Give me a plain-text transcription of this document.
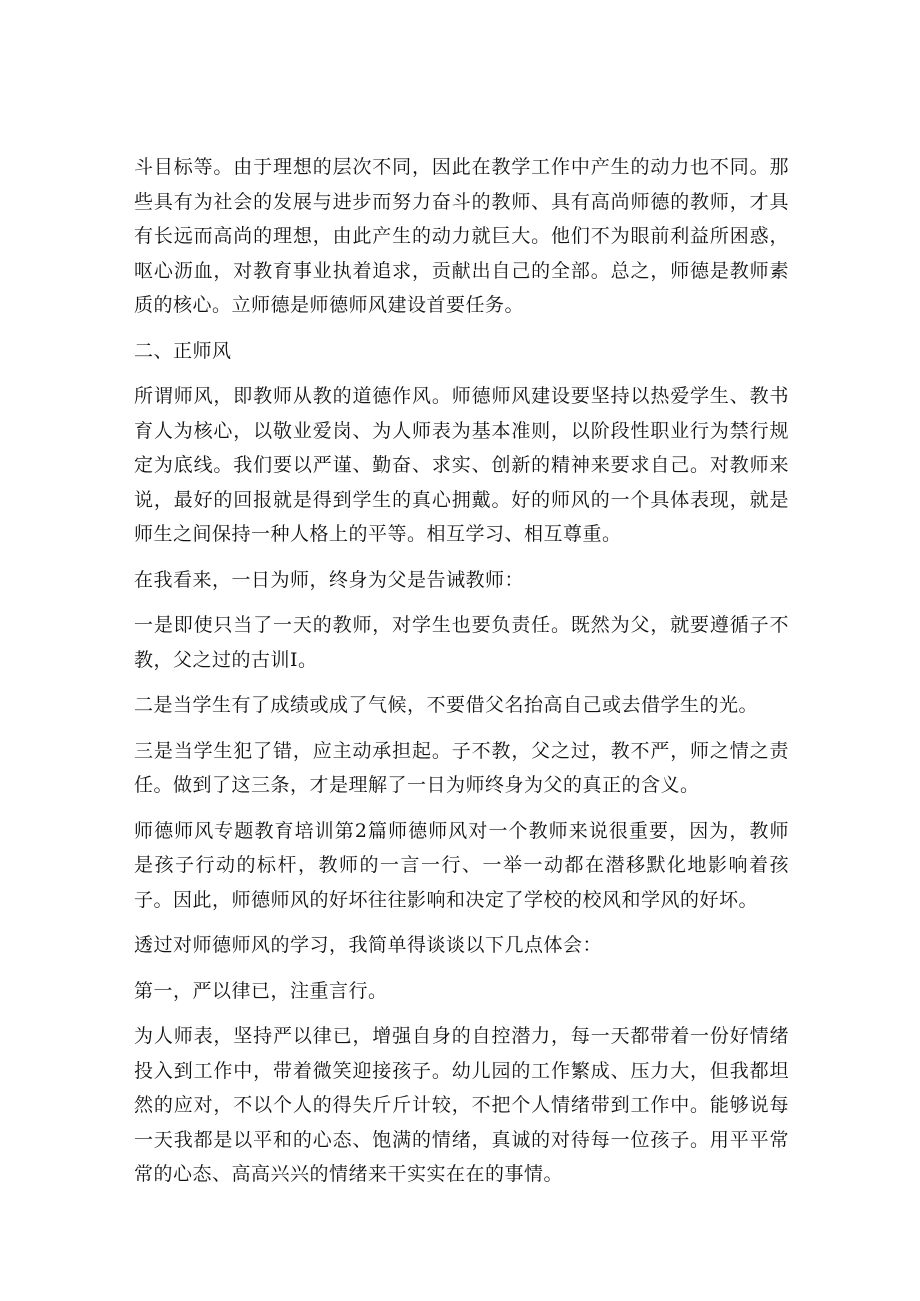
斗目标等。由于理想的层次不同，因此在教学工作中产生的动力也不同。那些具有为社会的发展与进步而努力奋斗的教师、具有高尚师德的教师，才具有长远而高尚的理想，由此产生的动力就巨大。他们不为眼前利益所困惑，呕心沥血，对教育事业执着追求，贡献出自己的全部。总之，师德是教师素质的核心。立师德是师德师风建设首要任务。

二、正师风

所谓师风，即教师从教的道德作风。师德师风建设要坚持以热爱学生、教书育人为核心，以敬业爱岗、为人师表为基本准则，以阶段性职业行为禁行规定为底线。我们要以严谨、勤奋、求实、创新的精神来要求自己。对教师来说，最好的回报就是得到学生的真心拥戴。好的师风的一个具体表现，就是师生之间保持一种人格上的平等。相互学习、相互尊重。

在我看来，一日为师，终身为父是告诫教师：

一是即使只当了一天的教师，对学生也要负责任。既然为父，就要遵循子不教，父之过的古训I。

二是当学生有了成绩或成了气候，不要借父名抬高自己或去借学生的光。

三是当学生犯了错，应主动承担起。子不教，父之过，教不严，师之情之责任。做到了这三条，才是理解了一日为师终身为父的真正的含义。

师德师风专题教育培训第2篇师德师风对一个教师来说很重要，因为，教师是孩子行动的标杆，教师的一言一行、一举一动都在潜移默化地影响着孩子。因此，师德师风的好坏往往影响和决定了学校的校风和学风的好坏。

透过对师德师风的学习，我简单得谈谈以下几点体会：

第一，严以律已，注重言行。

为人师表，坚持严以律已，增强自身的自控潜力，每一天都带着一份好情绪投入到工作中，带着微笑迎接孩子。幼儿园的工作繁成、压力大，但我都坦然的应对，不以个人的得失斤斤计较，不把个人情绪带到工作中。能够说每一天我都是以平和的心态、饱满的情绪，真诚的对待每一位孩子。用平平常常的心态、高高兴兴的情绪来干实实在在的事情。
